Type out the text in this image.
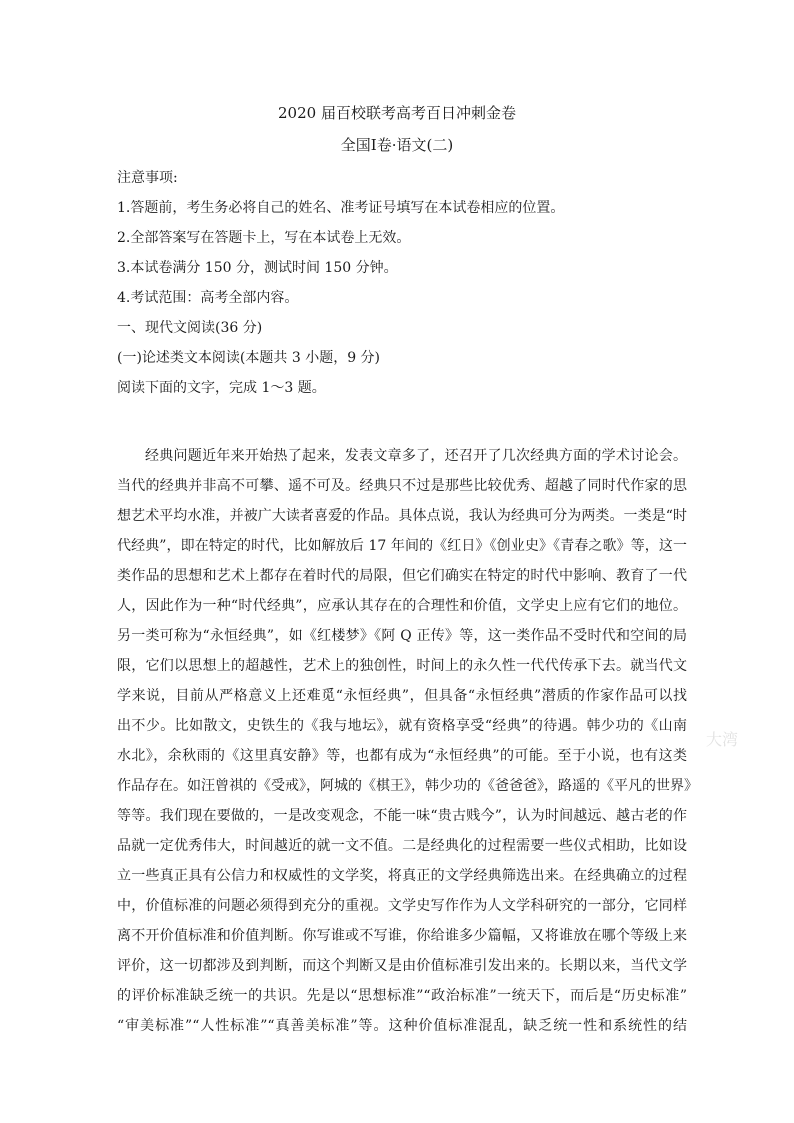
2020 届百校联考高考百日冲刺金卷
全国Ⅰ卷·语文(二)
注意事项:
1.答题前，考生务必将自己的姓名、准考证号填写在本试卷相应的位置。
2.全部答案写在答题卡上，写在本试卷上无效。
3.本试卷满分 150 分，测试时间 150 分钟。
4.考试范围：高考全部内容。
一、现代文阅读(36 分)
(一)论述类文本阅读(本题共 3 小题，9 分)
阅读下面的文字，完成 1～3 题。
经典问题近年来开始热了起来，发表文章多了，还召开了几次经典方面的学术讨论会。
当代的经典并非高不可攀、遥不可及。经典只不过是那些比较优秀、超越了同时代作家的思
想艺术平均水准，并被广大读者喜爱的作品。具体点说，我认为经典可分为两类。一类是“时
代经典”，即在特定的时代，比如解放后 17 年间的《红日》《创业史》《青春之歌》等，这一
类作品的思想和艺术上都存在着时代的局限，但它们确实在特定的时代中影响、教育了一代
人，因此作为一种“时代经典”，应承认其存在的合理性和价值，文学史上应有它们的地位。
另一类可称为“永恒经典”，如《红楼梦》《阿 Q 正传》等，这一类作品不受时代和空间的局
限，它们以思想上的超越性，艺术上的独创性，时间上的永久性一代代传承下去。就当代文
学来说，目前从严格意义上还难觅“永恒经典”，但具备“永恒经典”潜质的作家作品可以找
出不少。比如散文，史铁生的《我与地坛》，就有资格享受“经典”的待遇。韩少功的《山南
水北》，余秋雨的《这里真安静》等，也都有成为“永恒经典”的可能。至于小说，也有这类
作品存在。如汪曾祺的《受戒》，阿城的《棋王》，韩少功的《爸爸爸》，路遥的《平凡的世界》
等等。我们现在要做的，一是改变观念，不能一味“贵古贱今”，认为时间越远、越古老的作
品就一定优秀伟大，时间越近的就一文不值。二是经典化的过程需要一些仪式相助，比如设
立一些真正具有公信力和权威性的文学奖，将真正的文学经典筛选出来。在经典确立的过程
中，价值标准的问题必须得到充分的重视。文学史写作作为人文学科研究的一部分，它同样
离不开价值标准和价值判断。你写谁或不写谁，你给谁多少篇幅，又将谁放在哪个等级上来
评价，这一切都涉及到判断，而这个判断又是由价值标准引发出来的。长期以来，当代文学
的评价标准缺乏统一的共识。先是以“思想标准”“政治标准”一统天下，而后是“历史标准”
“审美标准”“人性标准”“真善美标准”等。这种价值标准混乱，缺乏统一性和系统性的结
大湾
